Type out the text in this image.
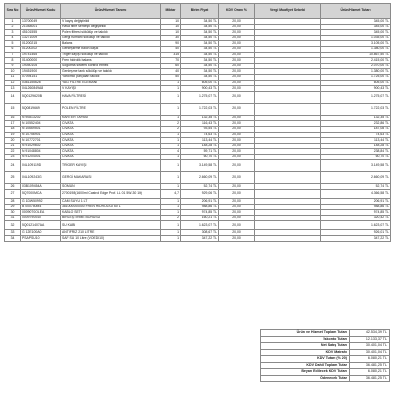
Sıra No	Ürün/Hizmet Kodu	Ürün/Hizmet Tanımı	Miktar	Birim Fiyat	KDV Oranı %	Vergi Muafiyet Sebebi	Ürün/Hizmet Tutarı
1	13700049	V kayış değiştirildi	10	34,50 TL	20,00		345,00 TL
2	21048001	Hava filtre sertleşti değiştirildi	10	34,50 TL	20,00		345,00 TL
3	45101555	Polen filtresi sökülüp ve takıldı	10	34,50 TL	20,00		345,00 TL
4	13271009	Gergi rulmanı sökülüp ve takıldı	30	34,50 TL	20,00		1.035,00 TL
5	01200215	Balans	90	34,50 TL	20,00		3.105,00 TL
6	01200202	Genleştirme balon kaşık	40	34,50 TL	20,00		1.380,00 TL
7	19741465	Triger kayışı sökülüp ve takıldı	315	34,50 TL	20,00		10.867,50 TL
8	01400000	Fren hidrolik balans	70	34,50 TL	20,00		2.415,00 TL
9	19050105	Soğutma sistemi kontrol etmek	60	34,50 TL	20,00		2.070,00 TL
10	19451900	Genleşme tank sökülüp ve takıldı	40	34,50 TL	20,00		1.380,00 TL
11	07094151	Yardımcı parçaları takıldı	50	34,50 TL	20,00		1.725,00 TL
12	0361155628	YAĞ FİLTRE ELEMANI	1	605,00 TL	20,00		605,00 TL
13	04L260849A8	V KAYIŞI	1	900,43 TL	20,00		900,43 TL
14	5Q0129620B	HAVA FİLTRESİ	1	1.275,07 TL	20,00		1.275,07 TL
15	5Q0819669	POLEN FİLTRE	1	1.722,03 TL	20,00		1.722,03 TL
16	N 90813202	KARTER TAPASI	1	132,35 TL	20,00		132,35 TL
17	N 10552404	CIVATA	2	116,43 TL	20,00		232,86 TL
18	N 10669501	CIVATA	2	93,54 TL	20,00		187,08 TL
19	N 10756901	CIVATA	1	74,63 TL	20,00		74,63 TL
20	N 10772701	CIVATA	1	113,44 TL	20,00		113,44 TL
21	N 91029602	CIVATA	1	148,28 TL	20,00		148,28 TL
22	N 91048804	CIVATA	4	59,71 TL	20,00		238,84 TL
23	N 91204001	CIVATA	1	60,70 TL	20,00		60,70 TL
24	04L109119D	TRİGER KAYIŞI	1	3.149,58 TL	20,00		3.149,58 TL
25	04L109243G	GERGİ MAKARASI	1	2.660,09 TL	20,00		2.660,09 TL
26	03B109454A	SOMUN	1	52,74 TL	20,00		52,74 TL
27	5Q7000MCA	2700198(1600ml Castrol Edge Prof. LL 01 5W-30 1lt)	4,7	929,06 TL	20,00		4.366,58 TL
28	G 1DW50992	CAM SUYU 1 LT	1	206,91 TL	20,00		206,91 TL
29	B 000750M4	381000000000 FREN HIDROLİĞİ 60 L	1	988,86 TL	20,00		988,86 TL
30	0009070OLEA	KABLO SETİ	1	974,85 TL	20,00		974,85 TL
31	0009790040	BİRLEŞTİRME BORUSU	2	160,21 TL	20,00		320,42 TL
32	5Q0121407AA	SU KABI	1	1.623,07 TL	20,00		1.623,07 TL
33	G 12E100A0	ANTİFRİZ 210 LİTRE	1	308,67 TL	20,00		926,01 TL
34	PSAPSU10	SAF SU 10 Litre (VOEDI10)	1	347,22 TL	20,00		347,22 TL
Ürün ve Hizmet Toplam Tutarı	42.534,39 TL
İskonto Tutarı	12.133,37 TL
Net Satış Tutarı	30.401,04 TL
KDV Matrahı	30.401,04 TL
KDV Tutarı (% 20)	6.080,21 TL
KDV Dahil Toplam Tutar	36.481,25 TL
Beyan Edilecek KDV Tutarı	6.080,21 TL
Ödenecek Tutar	36.481,25 TL
